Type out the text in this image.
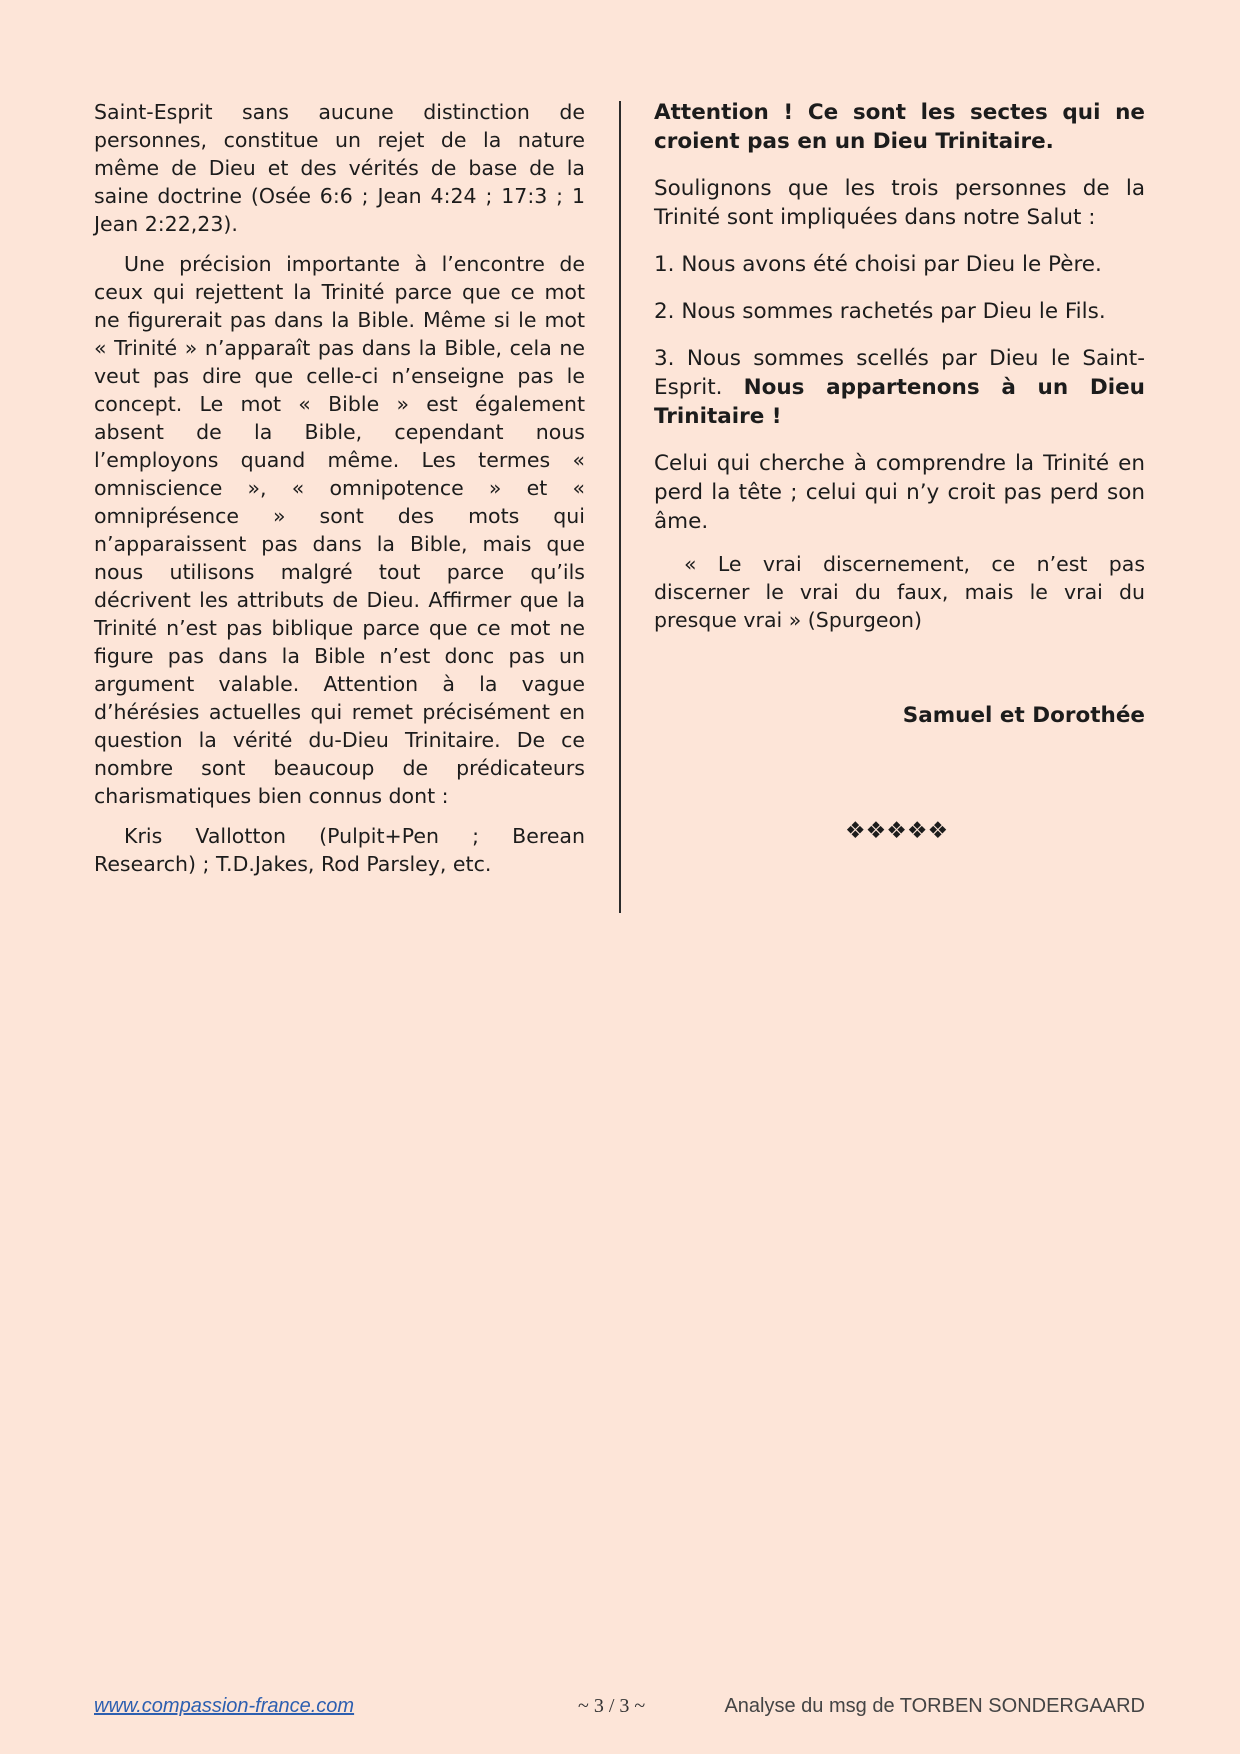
Saint-Esprit sans aucune distinction de personnes, constitue un rejet de la nature même de Dieu et des vérités de base de la saine doctrine (Osée 6:6 ; Jean 4:24 ; 17:3 ; 1 Jean 2:22,23).

Une précision importante à l’encontre de ceux qui rejettent la Trinité parce que ce mot ne figurerait pas dans la Bible. Même si le mot « Trinité » n’apparaît pas dans la Bible, cela ne veut pas dire que celle-ci n’enseigne pas le concept. Le mot « Bible » est également absent de la Bible, cependant nous l’employons quand même. Les termes « omniscience », « omnipotence » et « omniprésence » sont des mots qui n’apparaissent pas dans la Bible, mais que nous utilisons malgré tout parce qu’ils décrivent les attributs de Dieu. Affirmer que la Trinité n’est pas biblique parce que ce mot ne figure pas dans la Bible n’est donc pas un argument valable. Attention à la vague d’hérésies actuelles qui remet précisément en question la vérité du-Dieu Trinitaire. De ce nombre sont beaucoup de prédicateurs charismatiques bien connus dont :

Kris Vallotton (Pulpit+Pen ; Berean Research) ; T.D.Jakes, Rod Parsley, etc.

Attention ! Ce sont les sectes qui ne croient pas en un Dieu Trinitaire.

Soulignons que les trois personnes de la Trinité sont impliquées dans notre Salut :

1. Nous avons été choisi par Dieu le Père.

2. Nous sommes rachetés par Dieu le Fils.

3. Nous sommes scellés par Dieu le Saint-Esprit. Nous appartenons à un Dieu Trinitaire !

Celui qui cherche à comprendre la Trinité en perd la tête ; celui qui n’y croit pas perd son âme.

« Le vrai discernement, ce n’est pas discerner le vrai du faux, mais le vrai du presque vrai » (Spurgeon)

Samuel et Dorothée
❖❖❖❖❖
www.compassion-france.com	~ 3 / 3 ~	Analyse du msg de TORBEN SONDERGAARD
